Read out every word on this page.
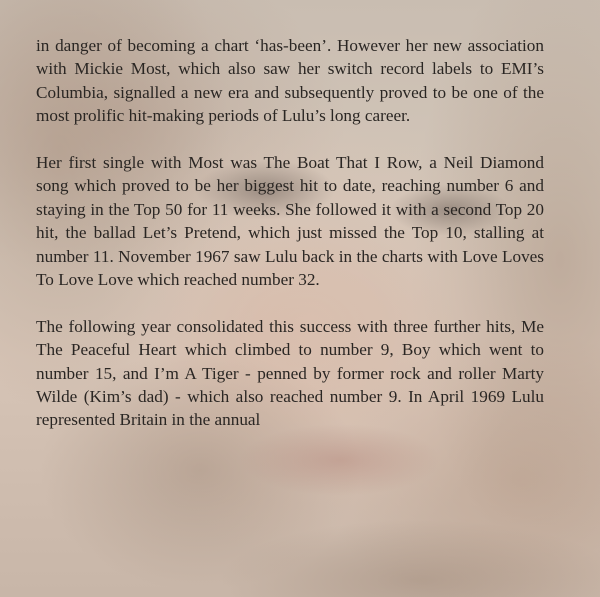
in danger of becoming a chart ‘has-been’. However her new association with Mickie Most, which also saw her switch record labels to EMI’s Columbia, signalled a new era and subsequently proved to be one of the most prolific hit-making periods of Lulu’s long career.

Her first single with Most was The Boat That I Row, a Neil Diamond song which proved to be her biggest hit to date, reaching number 6 and staying in the Top 50 for 11 weeks. She followed it with a second Top 20 hit, the ballad Let’s Pretend, which just missed the Top 10, stalling at number 11. November 1967 saw Lulu back in the charts with Love Loves To Love Love which reached number 32.

The following year consolidated this success with three further hits, Me The Peaceful Heart which climbed to number 9, Boy which went to number 15, and I’m A Tiger - penned by former rock and roller Marty Wilde (Kim’s dad) - which also reached number 9. In April 1969 Lulu represented Britain in the annual
